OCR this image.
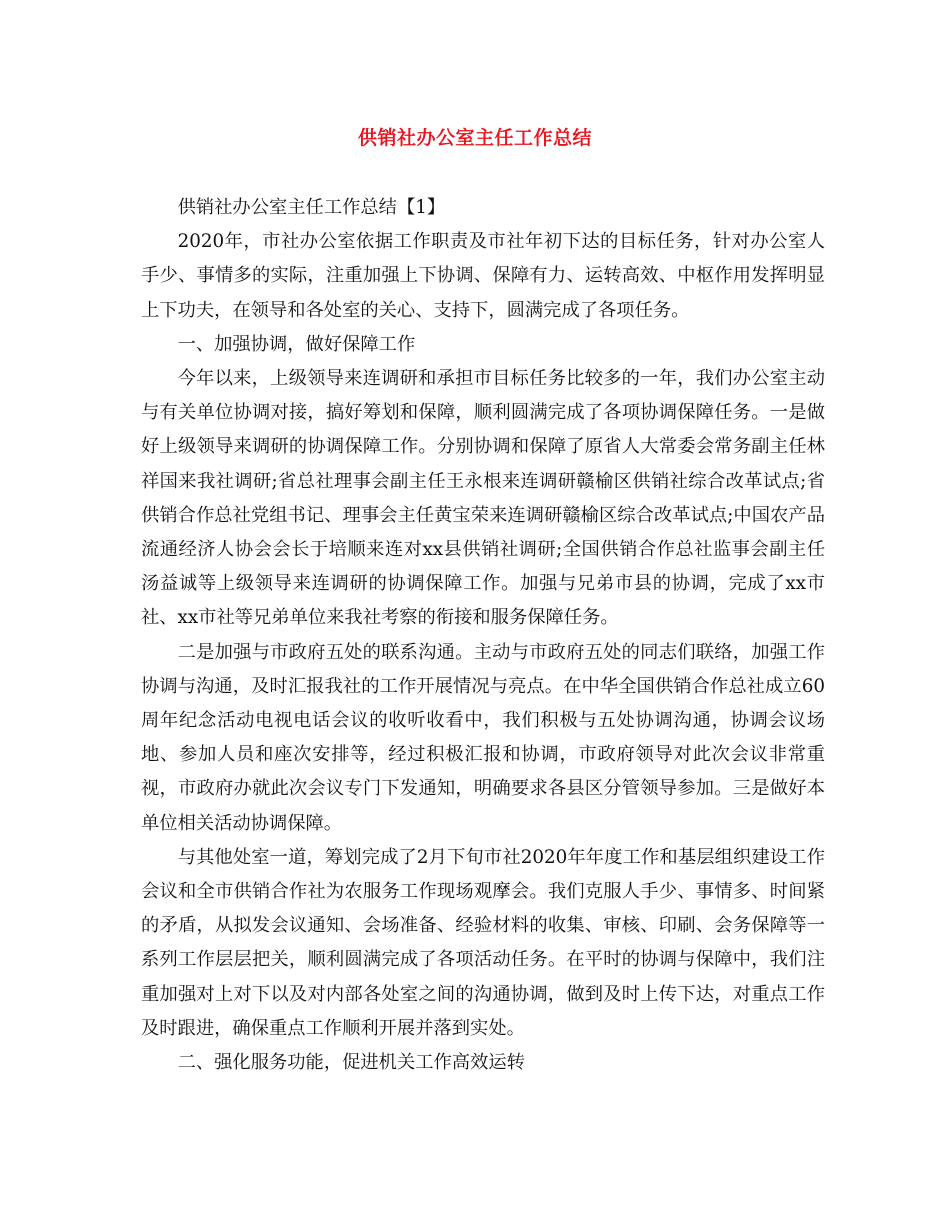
供销社办公室主任工作总结

供销社办公室主任工作总结【1】

2020年，市社办公室依据工作职责及市社年初下达的目标任务，针对办公室人手少、事情多的实际，注重加强上下协调、保障有力、运转高效、中枢作用发挥明显上下功夫，在领导和各处室的关心、支持下，圆满完成了各项任务。

一、加强协调，做好保障工作

今年以来，上级领导来连调研和承担市目标任务比较多的一年，我们办公室主动与有关单位协调对接，搞好筹划和保障，顺利圆满完成了各项协调保障任务。一是做好上级领导来调研的协调保障工作。分别协调和保障了原省人大常委会常务副主任林祥国来我社调研;省总社理事会副主任王永根来连调研赣榆区供销社综合改革试点;省供销合作总社党组书记、理事会主任黄宝荣来连调研赣榆区综合改革试点;中国农产品流通经济人协会会长于培顺来连对xx县供销社调研;全国供销合作总社监事会副主任汤益诚等上级领导来连调研的协调保障工作。加强与兄弟市县的协调，完成了xx市社、xx市社等兄弟单位来我社考察的衔接和服务保障任务。

二是加强与市政府五处的联系沟通。主动与市政府五处的同志们联络，加强工作协调与沟通，及时汇报我社的工作开展情况与亮点。在中华全国供销合作总社成立60周年纪念活动电视电话会议的收听收看中，我们积极与五处协调沟通，协调会议场地、参加人员和座次安排等，经过积极汇报和协调，市政府领导对此次会议非常重视，市政府办就此次会议专门下发通知，明确要求各县区分管领导参加。三是做好本单位相关活动协调保障。

与其他处室一道，筹划完成了2月下旬市社2020年年度工作和基层组织建设工作会议和全市供销合作社为农服务工作现场观摩会。我们克服人手少、事情多、时间紧的矛盾，从拟发会议通知、会场准备、经验材料的收集、审核、印刷、会务保障等一系列工作层层把关，顺利圆满完成了各项活动任务。在平时的协调与保障中，我们注重加强对上对下以及对内部各处室之间的沟通协调，做到及时上传下达，对重点工作及时跟进，确保重点工作顺利开展并落到实处。

二、强化服务功能，促进机关工作高效运转
